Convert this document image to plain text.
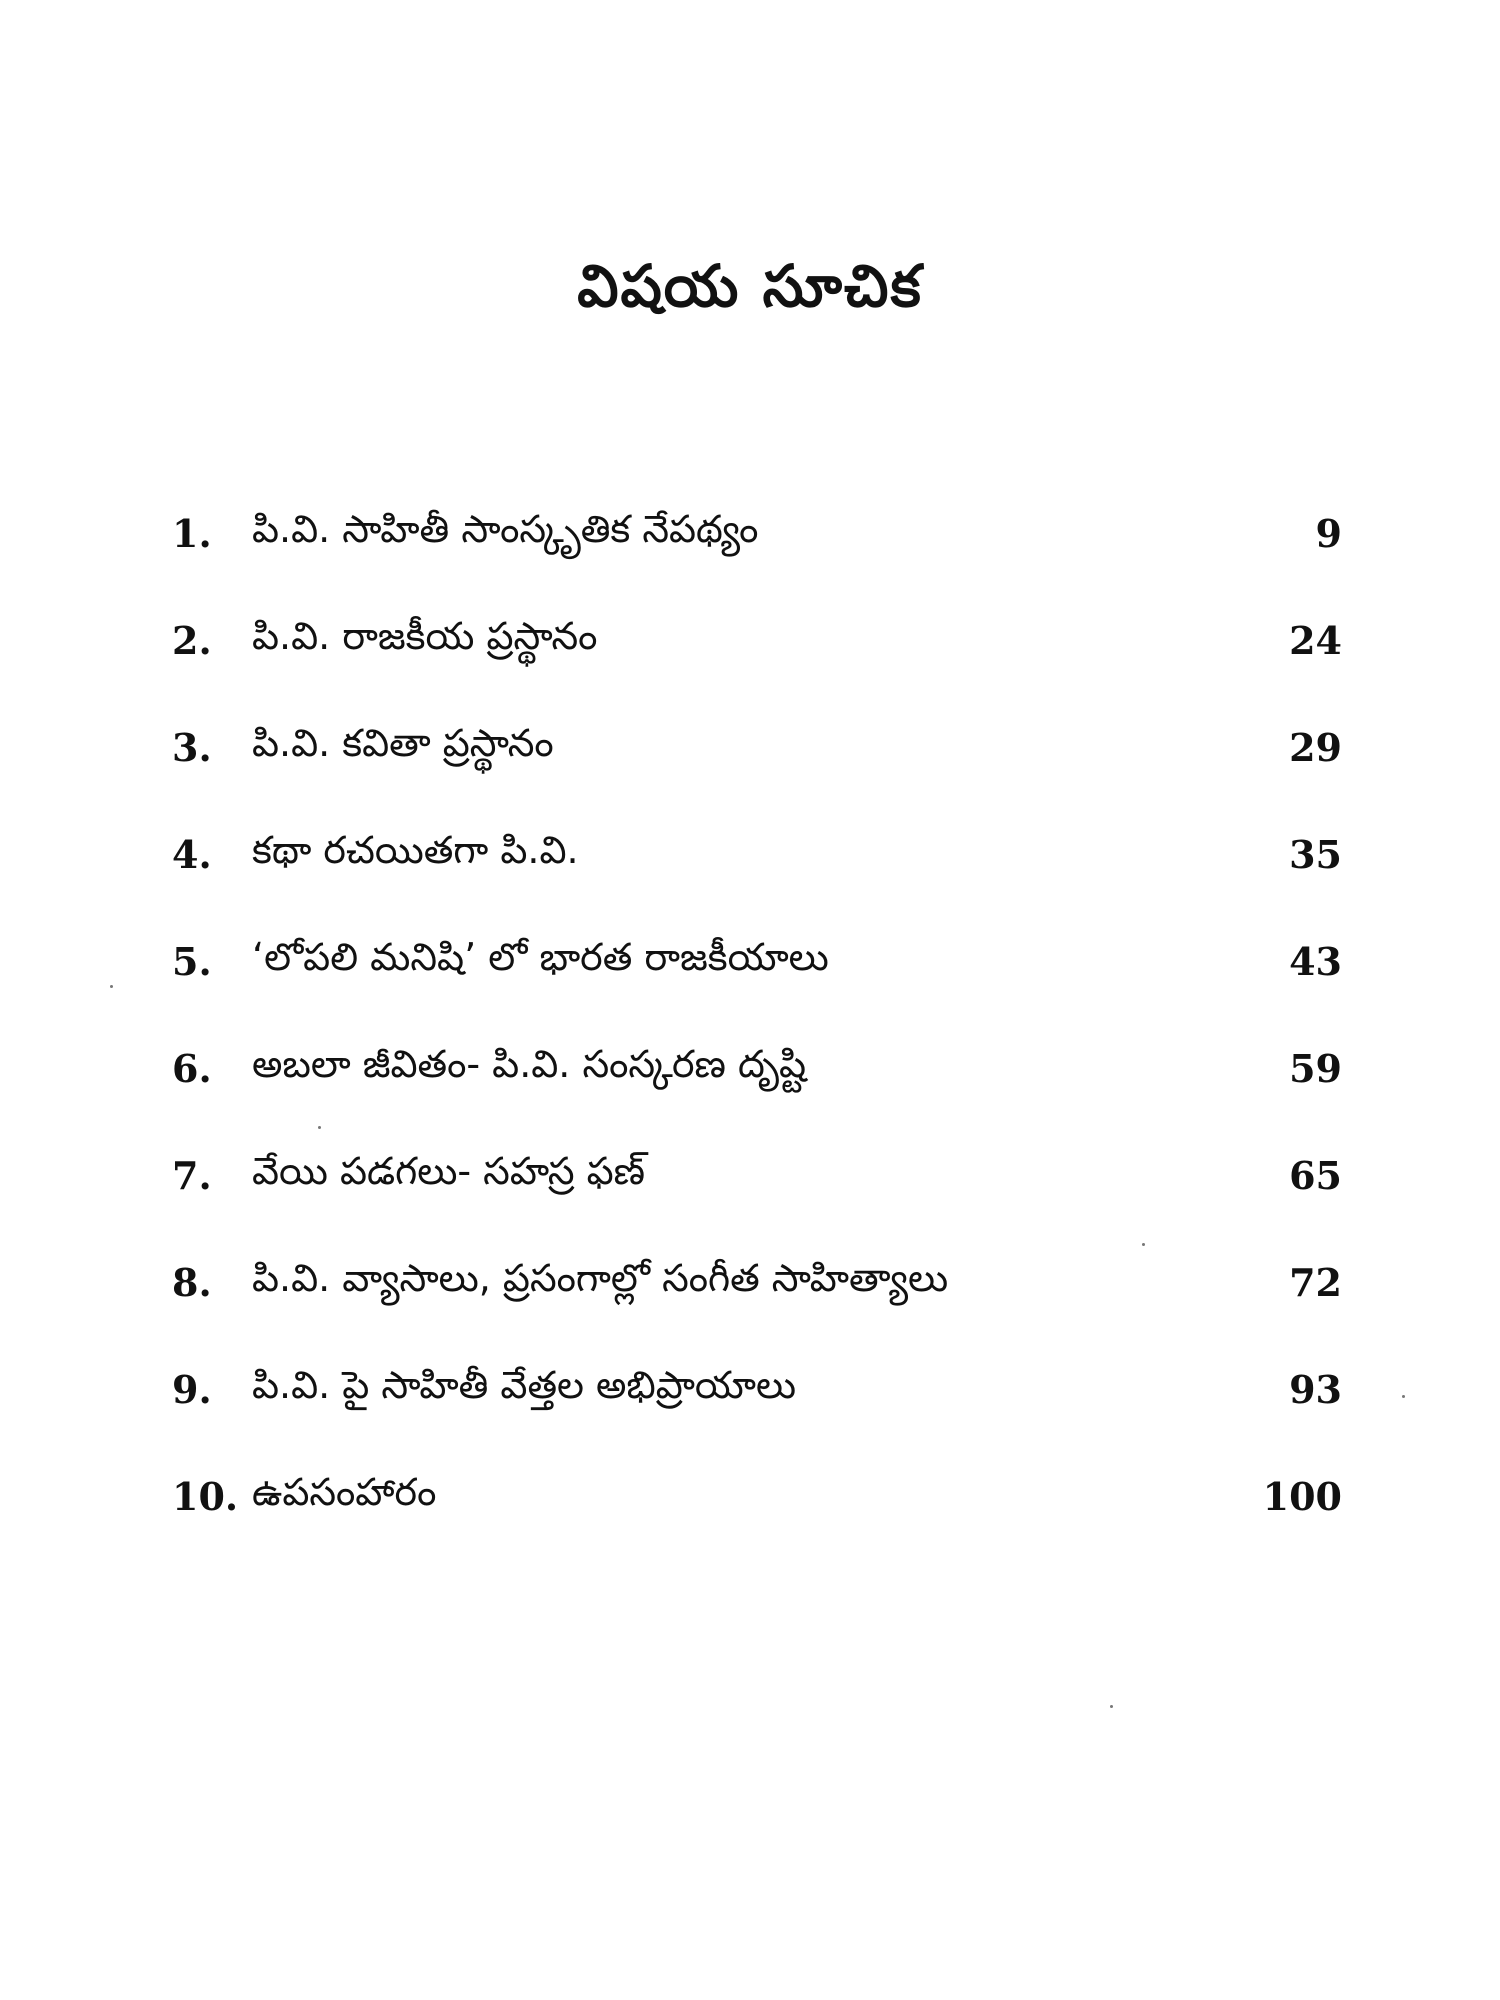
విషయ సూచిక
1.	పి.వి. సాహితీ సాంస్కృతిక నేపథ్యం	9
2.	పి.వి. రాజకీయ ప్రస్థానం	24
3.	పి.వి. కవితా ప్రస్థానం	29
4.	కథా రచయితగా పి.వి.	35
5.	‘లోపలి మనిషి’ లో భారత రాజకీయాలు	43
6.	అబలా జీవితం- పి.వి. సంస్కరణ దృష్టి	59
7.	వేయి పడగలు- సహస్ర ఫణ్	65
8.	పి.వి. వ్యాసాలు, ప్రసంగాల్లో సంగీత సాహిత్యాలు	72
9.	పి.వి. పై సాహితీ వేత్తల అభిప్రాయాలు	93
10. ఉపసంహారం	100
